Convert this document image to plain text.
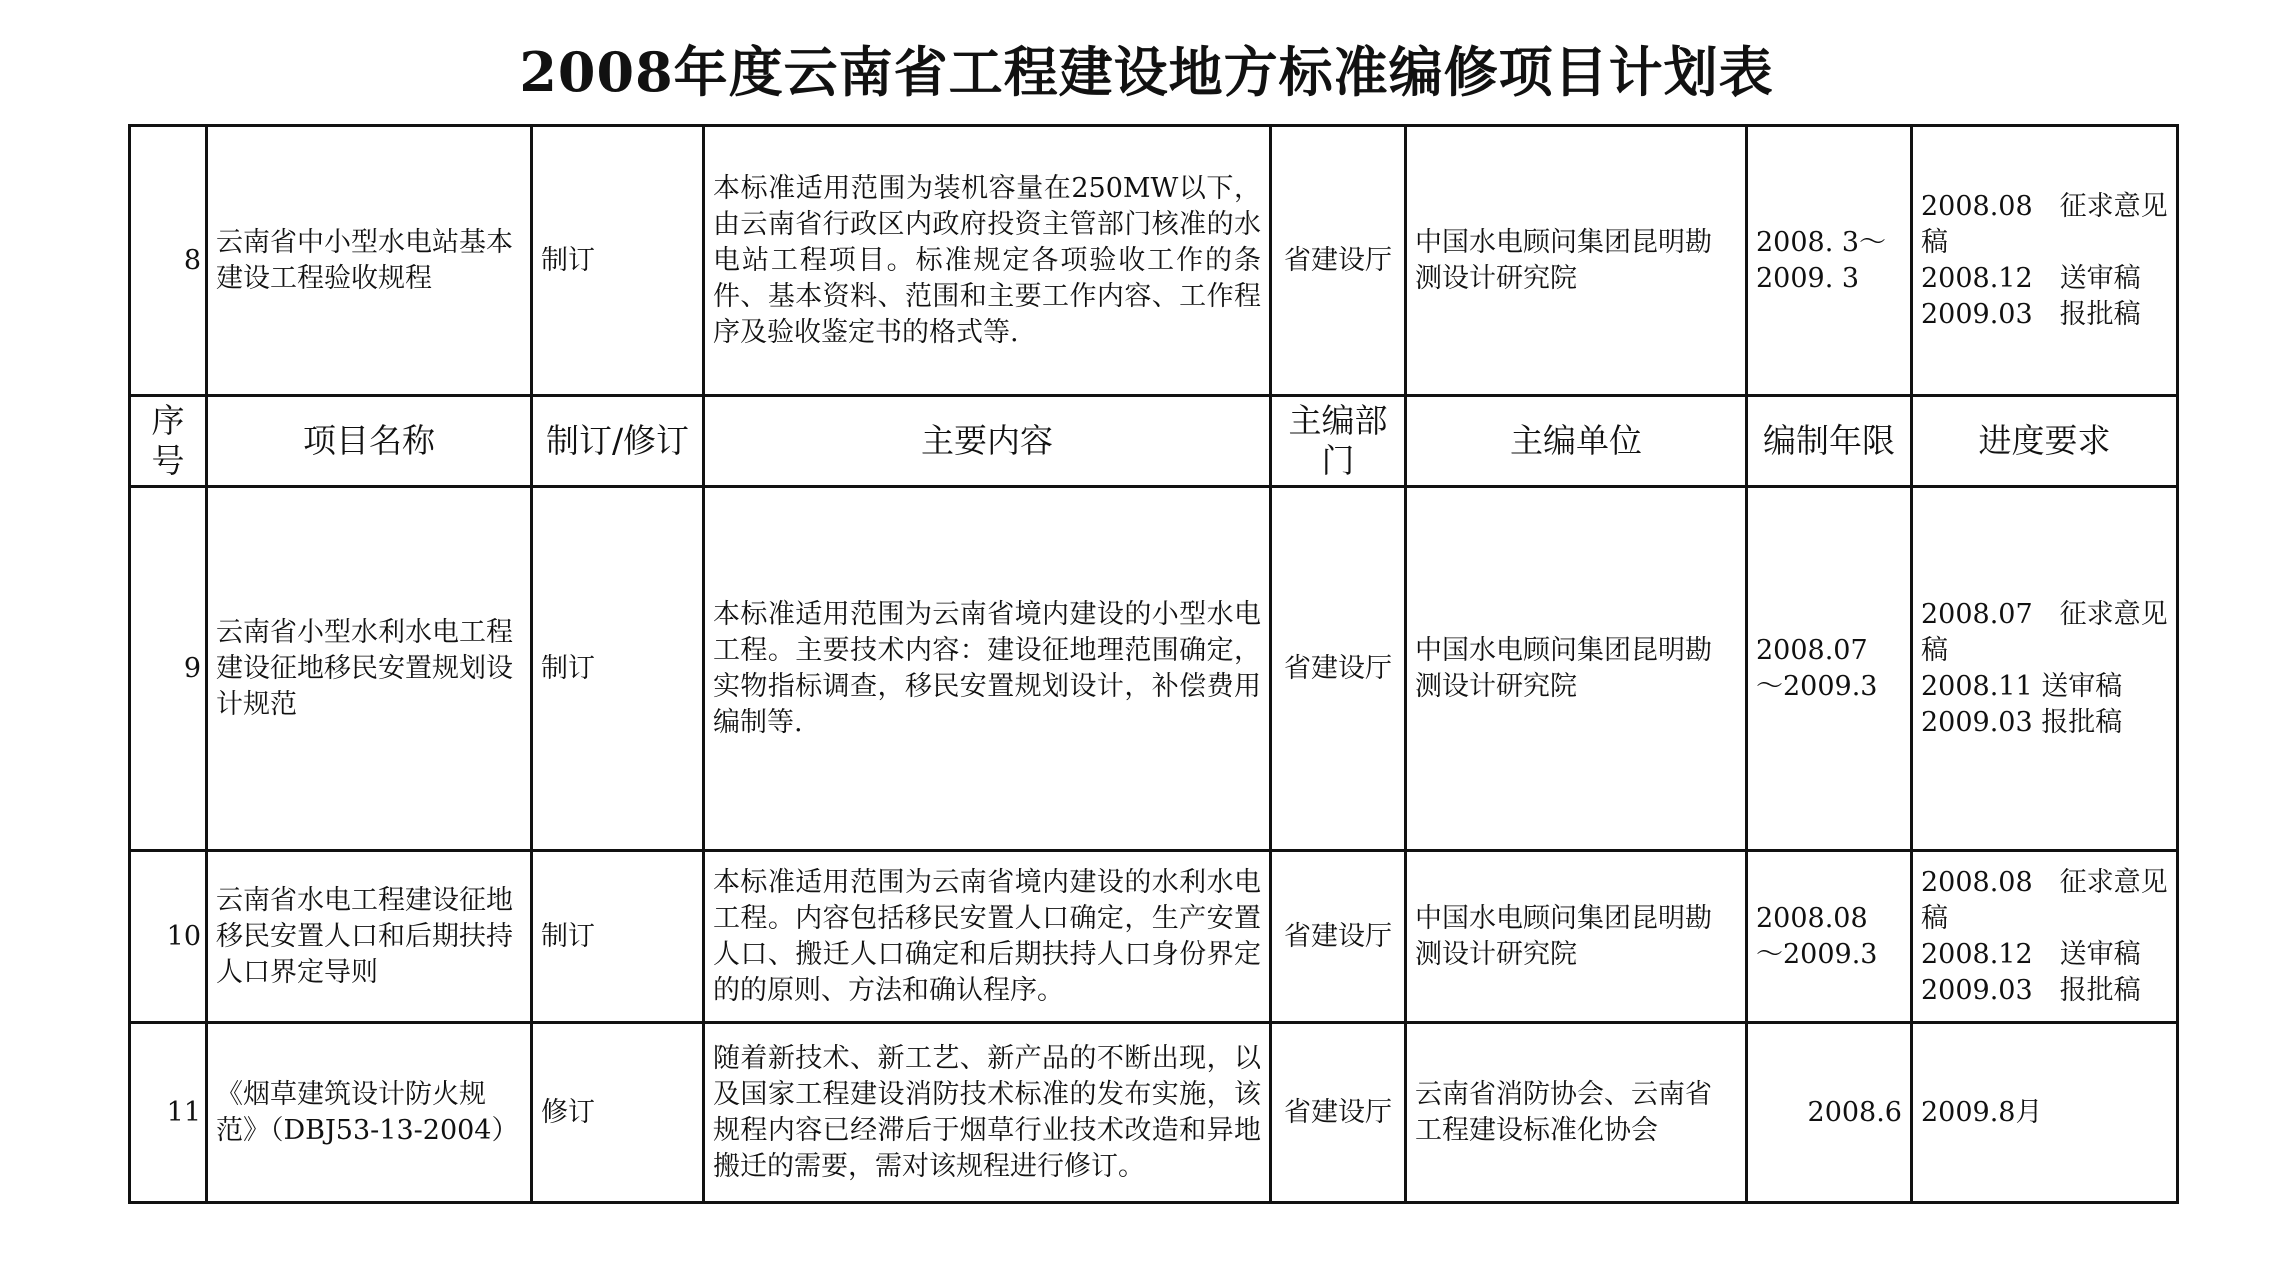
2008年度云南省工程建设地方标准编修项目计划表
8	云南省中小型水电站基本建设工程验收规程	制订	本标准适用范围为装机容量在250MW以下，由云南省行政区内政府投资主管部门核准的水电站工程项目。标准规定各项验收工作的条件、基本资料、范围和主要工作内容、工作程序及验收鉴定书的格式等.	省建设厅	中国水电顾问集团昆明勘测设计研究院	2008. 3～2009. 3	2008.08　征求意见稿
2008.12　送审稿
2009.03　报批稿

序号	项目名称	制订/修订	主要内容	主编部门	主编单位	编制年限	进度要求
9	云南省小型水利水电工程建设征地移民安置规划设计规范	制订	本标准适用范围为云南省境内建设的小型水电工程。主要技术内容：建设征地理范围确定，实物指标调查，移民安置规划设计，补偿费用编制等.	省建设厅	中国水电顾问集团昆明勘测设计研究院	2008.07　～2009.3	2008.07　征求意见稿
2008.11 送审稿
2009.03 报批稿

10	云南省水电工程建设征地移民安置人口和后期扶持人口界定导则	制订	本标准适用范围为云南省境内建设的水利水电工程。内容包括移民安置人口确定，生产安置人口、搬迁人口确定和后期扶持人口身份界定的的原则、方法和确认程序。	省建设厅	中国水电顾问集团昆明勘测设计研究院	2008.08　～2009.3	2008.08　征求意见稿
2008.12　送审稿
2009.03　报批稿

11	《烟草建筑设计防火规范》（DBJ53-13-2004）	修订	随着新技术、新工艺、新产品的不断出现，以及国家工程建设消防技术标准的发布实施，该规程内容已经滞后于烟草行业技术改造和异地搬迁的需要，需对该规程进行修订。	省建设厅	云南省消防协会、云南省工程建设标准化协会	2008.6	2009.8月
